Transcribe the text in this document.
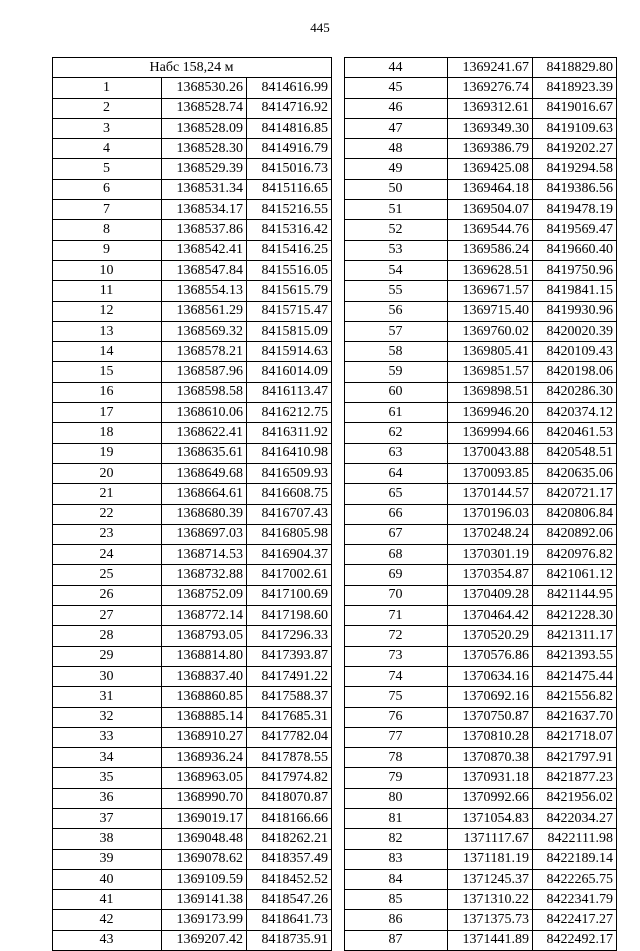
445
Набс 158,24 м		
1	1368530.26	8414616.99
2	1368528.74	8414716.92
3	1368528.09	8414816.85
4	1368528.30	8414916.79
5	1368529.39	8415016.73
6	1368531.34	8415116.65
7	1368534.17	8415216.55
8	1368537.86	8415316.42
9	1368542.41	8415416.25
10	1368547.84	8415516.05
11	1368554.13	8415615.79
12	1368561.29	8415715.47
13	1368569.32	8415815.09
14	1368578.21	8415914.63
15	1368587.96	8416014.09
16	1368598.58	8416113.47
17	1368610.06	8416212.75
18	1368622.41	8416311.92
19	1368635.61	8416410.98
20	1368649.68	8416509.93
21	1368664.61	8416608.75
22	1368680.39	8416707.43
23	1368697.03	8416805.98
24	1368714.53	8416904.37
25	1368732.88	8417002.61
26	1368752.09	8417100.69
27	1368772.14	8417198.60
28	1368793.05	8417296.33
29	1368814.80	8417393.87
30	1368837.40	8417491.22
31	1368860.85	8417588.37
32	1368885.14	8417685.31
33	1368910.27	8417782.04
34	1368936.24	8417878.55
35	1368963.05	8417974.82
36	1368990.70	8418070.87
37	1369019.17	8418166.66
38	1369048.48	8418262.21
39	1369078.62	8418357.49
40	1369109.59	8418452.52
41	1369141.38	8418547.26
42	1369173.99	8418641.73
43	1369207.42	8418735.91
44	1369241.67	8418829.80
45	1369276.74	8418923.39
46	1369312.61	8419016.67
47	1369349.30	8419109.63
48	1369386.79	8419202.27
49	1369425.08	8419294.58
50	1369464.18	8419386.56
51	1369504.07	8419478.19
52	1369544.76	8419569.47
53	1369586.24	8419660.40
54	1369628.51	8419750.96
55	1369671.57	8419841.15
56	1369715.40	8419930.96
57	1369760.02	8420020.39
58	1369805.41	8420109.43
59	1369851.57	8420198.06
60	1369898.51	8420286.30
61	1369946.20	8420374.12
62	1369994.66	8420461.53
63	1370043.88	8420548.51
64	1370093.85	8420635.06
65	1370144.57	8420721.17
66	1370196.03	8420806.84
67	1370248.24	8420892.06
68	1370301.19	8420976.82
69	1370354.87	8421061.12
70	1370409.28	8421144.95
71	1370464.42	8421228.30
72	1370520.29	8421311.17
73	1370576.86	8421393.55
74	1370634.16	8421475.44
75	1370692.16	8421556.82
76	1370750.87	8421637.70
77	1370810.28	8421718.07
78	1370870.38	8421797.91
79	1370931.18	8421877.23
80	1370992.66	8421956.02
81	1371054.83	8422034.27
82	1371117.67	8422111.98
83	1371181.19	8422189.14
84	1371245.37	8422265.75
85	1371310.22	8422341.79
86	1371375.73	8422417.27
87	1371441.89	8422492.17
